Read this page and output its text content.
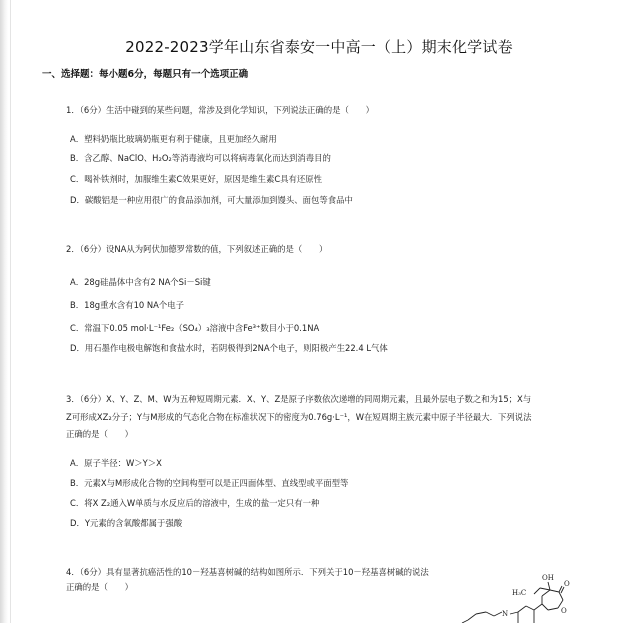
2022-2023学年山东省泰安一中高一（上）期末化学试卷
一、选择题：每小题6分，每题只有一个选项正确
1．（6分）生活中碰到的某些问题，常涉及到化学知识，下列说法正确的是（　　）
A．塑料奶瓶比玻璃奶瓶更有利于健康，且更加经久耐用
B．含乙醇、NaClO、H₂O₂等消毒液均可以将病毒氧化而达到消毒目的
C．喝补铁剂时，加服维生素C效果更好，原因是维生素C具有还原性
D．碳酸铝是一种应用很广的食品添加剂，可大量添加到馒头、面包等食品中
2．（6分）设NA从为阿伏加德罗常数的值，下列叙述正确的是（　　）
A．28g硅晶体中含有2 NA个Si－Si键
B．18g重水含有10 NA个电子
C．常温下0.05 mol·L⁻¹Fe₂（SO₄）₃溶液中含Fe³⁺数目小于0.1NA
D．用石墨作电极电解饱和食盐水时，若阴极得到2NA个电子，则阳极产生22.4 L气体
3．（6分）X、Y、Z、M、W为五种短周期元素．X、Y、Z是原子序数依次递增的同周期元素，且最外层电子数之和为15；X与
Z可形成XZ₂分子；Y与M形成的气态化合物在标准状况下的密度为0.76g·L⁻¹，W在短周期主族元素中原子半径最大．下列说法
正确的是（　　）
A．原子半径：W＞Y＞X
B．元素X与M形成化合物的空间构型可以是正四面体型、直线型或平面型等
C．将X Z₂通入W单质与水反应后的溶液中，生成的盐一定只有一种
D．Y元素的含氧酸都属于强酸
4．（6分）具有显著抗癌活性的10－羟基喜树碱的结构如图所示．下列关于10－羟基喜树碱的说法
正确的是（　　）
OH
O
H₃C
N	O
